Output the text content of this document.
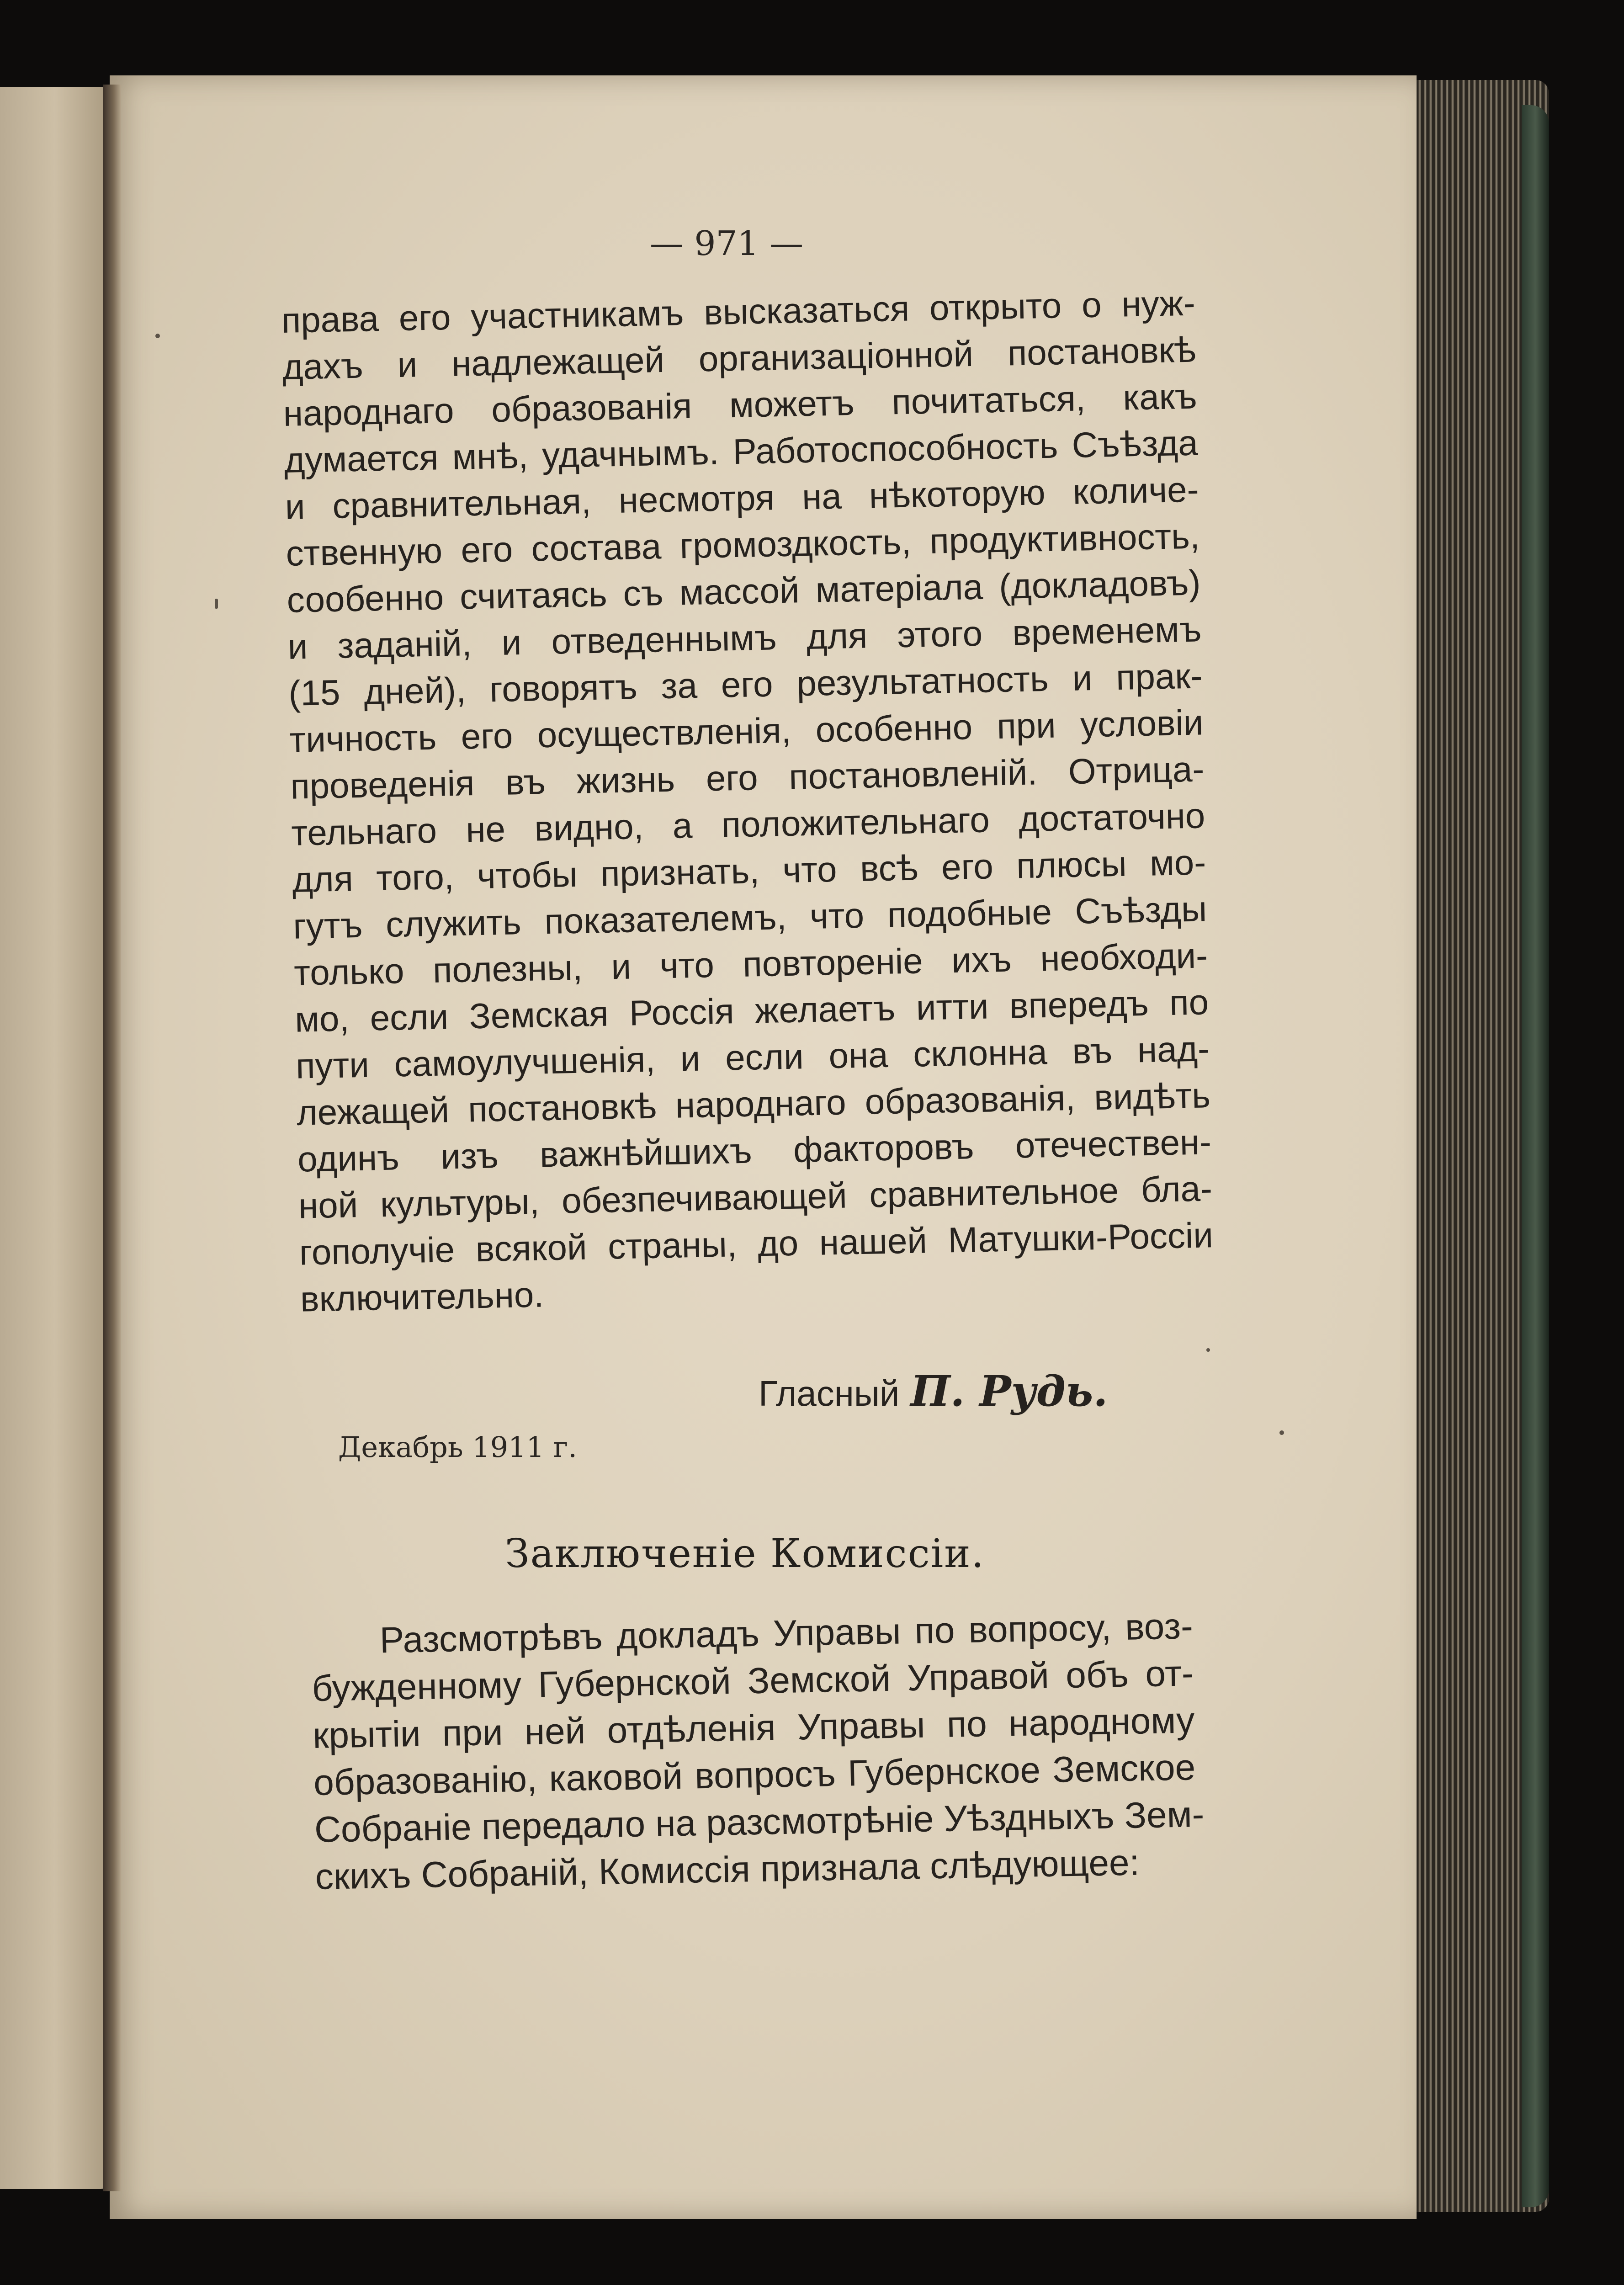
— 971 —
права его участникамъ высказаться открыто о нуж-
дахъ и надлежащей организаціонной постановкѣ
народнаго образованія можетъ почитаться, какъ
думается мнѣ, удачнымъ. Работоспособность Съѣзда
и сравнительная, несмотря на нѣкоторую количе-
ственную его состава громоздкость, продуктивность,
сообенно считаясь съ массой матеріала (докладовъ)
и заданій, и отведеннымъ для этого временемъ
(15 дней), говорятъ за его результатность и прак-
тичность его осуществленія, особенно при условіи
проведенія въ жизнь его постановленій. Отрица-
тельнаго не видно, а положительнаго достаточно
для того, чтобы признать, что всѣ его плюсы мо-
гутъ служить показателемъ, что подобные Съѣзды
только полезны, и что повтореніе ихъ необходи-
мо, если Земская Россія желаетъ итти впередъ по
пути самоулучшенія, и если она склонна въ над-
лежащей постановкѣ народнаго образованія, видѣть
одинъ изъ важнѣйшихъ факторовъ отечествен-
ной культуры, обезпечивающей сравнительное бла-
гополучіе всякой страны, до нашей Матушки-Россіи
включительно.
Гласный П. Рудь.
Декабрь 1911 г.
Заключеніе Комиссіи.
Разсмотрѣвъ докладъ Управы по вопросу, воз-
бужденному Губернской Земской Управой объ от-
крытіи при ней отдѣленія Управы по народному
образованію, каковой вопросъ Губернское Земское
Собраніе передало на разсмотрѣніе Уѣздныхъ Зем-
скихъ Собраній, Комиссія признала слѣдующее:
